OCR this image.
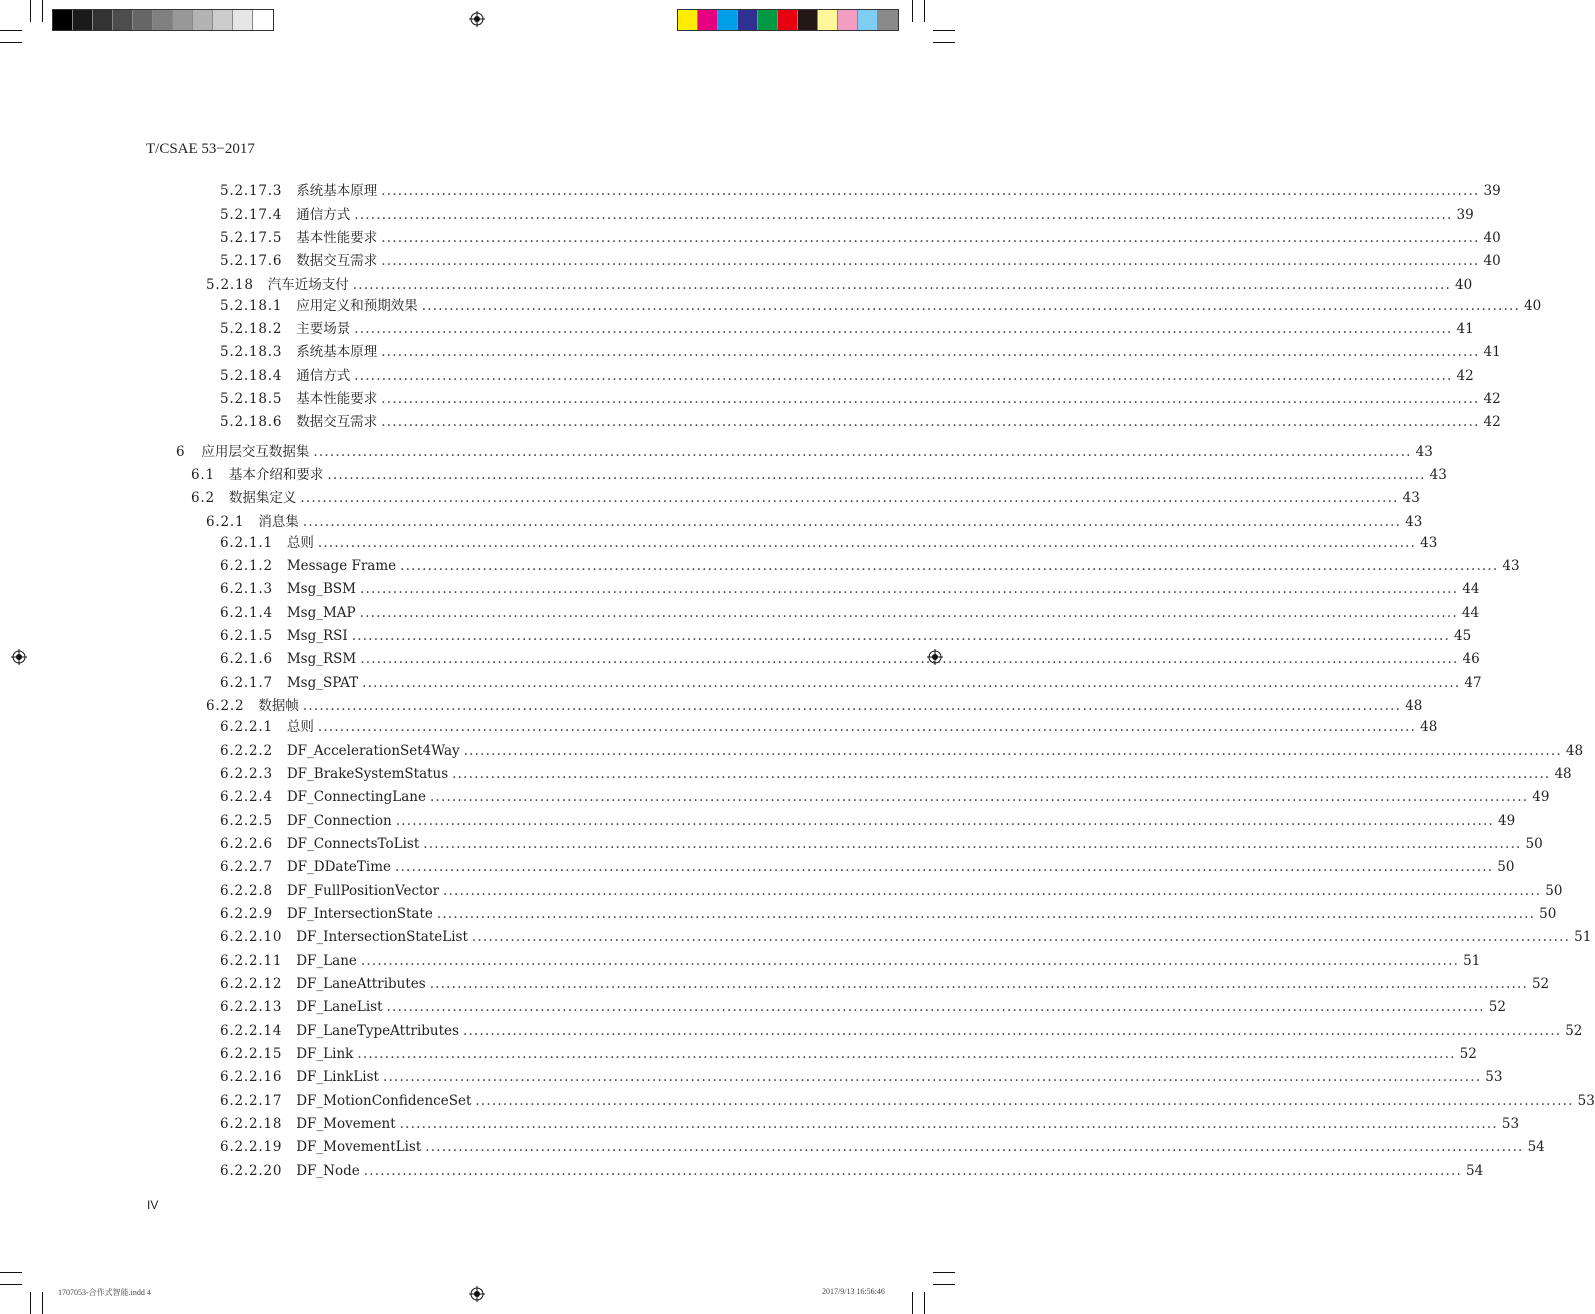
T/CSAE 53−2017
5.2.17.3 系统基本原理 ........................................................................................................................................................................................................ 39
5.2.17.4 通信方式 ........................................................................................................................................................................................................ 39
5.2.17.5 基本性能要求 ........................................................................................................................................................................................................ 40
5.2.17.6 数据交互需求 ........................................................................................................................................................................................................ 40
5.2.18 汽车近场支付 ........................................................................................................................................................................................................ 40
5.2.18.1 应用定义和预期效果 ........................................................................................................................................................................................................ 40
5.2.18.2 主要场景 ........................................................................................................................................................................................................ 41
5.2.18.3 系统基本原理 ........................................................................................................................................................................................................ 41
5.2.18.4 通信方式 ........................................................................................................................................................................................................ 42
5.2.18.5 基本性能要求 ........................................................................................................................................................................................................ 42
5.2.18.6 数据交互需求 ........................................................................................................................................................................................................ 42
6 应用层交互数据集 ........................................................................................................................................................................................................ 43
6.1 基本介绍和要求 ........................................................................................................................................................................................................ 43
6.2 数据集定义 ........................................................................................................................................................................................................ 43
6.2.1 消息集 ........................................................................................................................................................................................................ 43
6.2.1.1 总则 ........................................................................................................................................................................................................ 43
6.2.1.2 Message Frame ........................................................................................................................................................................................................ 43
6.2.1.3 Msg_BSM ........................................................................................................................................................................................................ 44
6.2.1.4 Msg_MAP ........................................................................................................................................................................................................ 44
6.2.1.5 Msg_RSI ........................................................................................................................................................................................................ 45
6.2.1.6 Msg_RSM ........................................................................................................................................................................................................ 46
6.2.1.7 Msg_SPAT ........................................................................................................................................................................................................ 47
6.2.2 数据帧 ........................................................................................................................................................................................................ 48
6.2.2.1 总则 ........................................................................................................................................................................................................ 48
6.2.2.2 DF_AccelerationSet4Way ........................................................................................................................................................................................................ 48
6.2.2.3 DF_BrakeSystemStatus ........................................................................................................................................................................................................ 48
6.2.2.4 DF_ConnectingLane ........................................................................................................................................................................................................ 49
6.2.2.5 DF_Connection ........................................................................................................................................................................................................ 49
6.2.2.6 DF_ConnectsToList ........................................................................................................................................................................................................ 50
6.2.2.7 DF_DDateTime ........................................................................................................................................................................................................ 50
6.2.2.8 DF_FullPositionVector ........................................................................................................................................................................................................ 50
6.2.2.9 DF_IntersectionState ........................................................................................................................................................................................................ 50
6.2.2.10 DF_IntersectionStateList ........................................................................................................................................................................................................ 51
6.2.2.11 DF_Lane ........................................................................................................................................................................................................ 51
6.2.2.12 DF_LaneAttributes ........................................................................................................................................................................................................ 52
6.2.2.13 DF_LaneList ........................................................................................................................................................................................................ 52
6.2.2.14 DF_LaneTypeAttributes ........................................................................................................................................................................................................ 52
6.2.2.15 DF_Link ........................................................................................................................................................................................................ 52
6.2.2.16 DF_LinkList ........................................................................................................................................................................................................ 53
6.2.2.17 DF_MotionConfidenceSet ........................................................................................................................................................................................................ 53
6.2.2.18 DF_Movement ........................................................................................................................................................................................................ 53
6.2.2.19 DF_MovementList ........................................................................................................................................................................................................ 54
6.2.2.20 DF_Node ........................................................................................................................................................................................................ 54
IV
1707053-合作式智能.indd 4	2017/9/13 16:56:46
